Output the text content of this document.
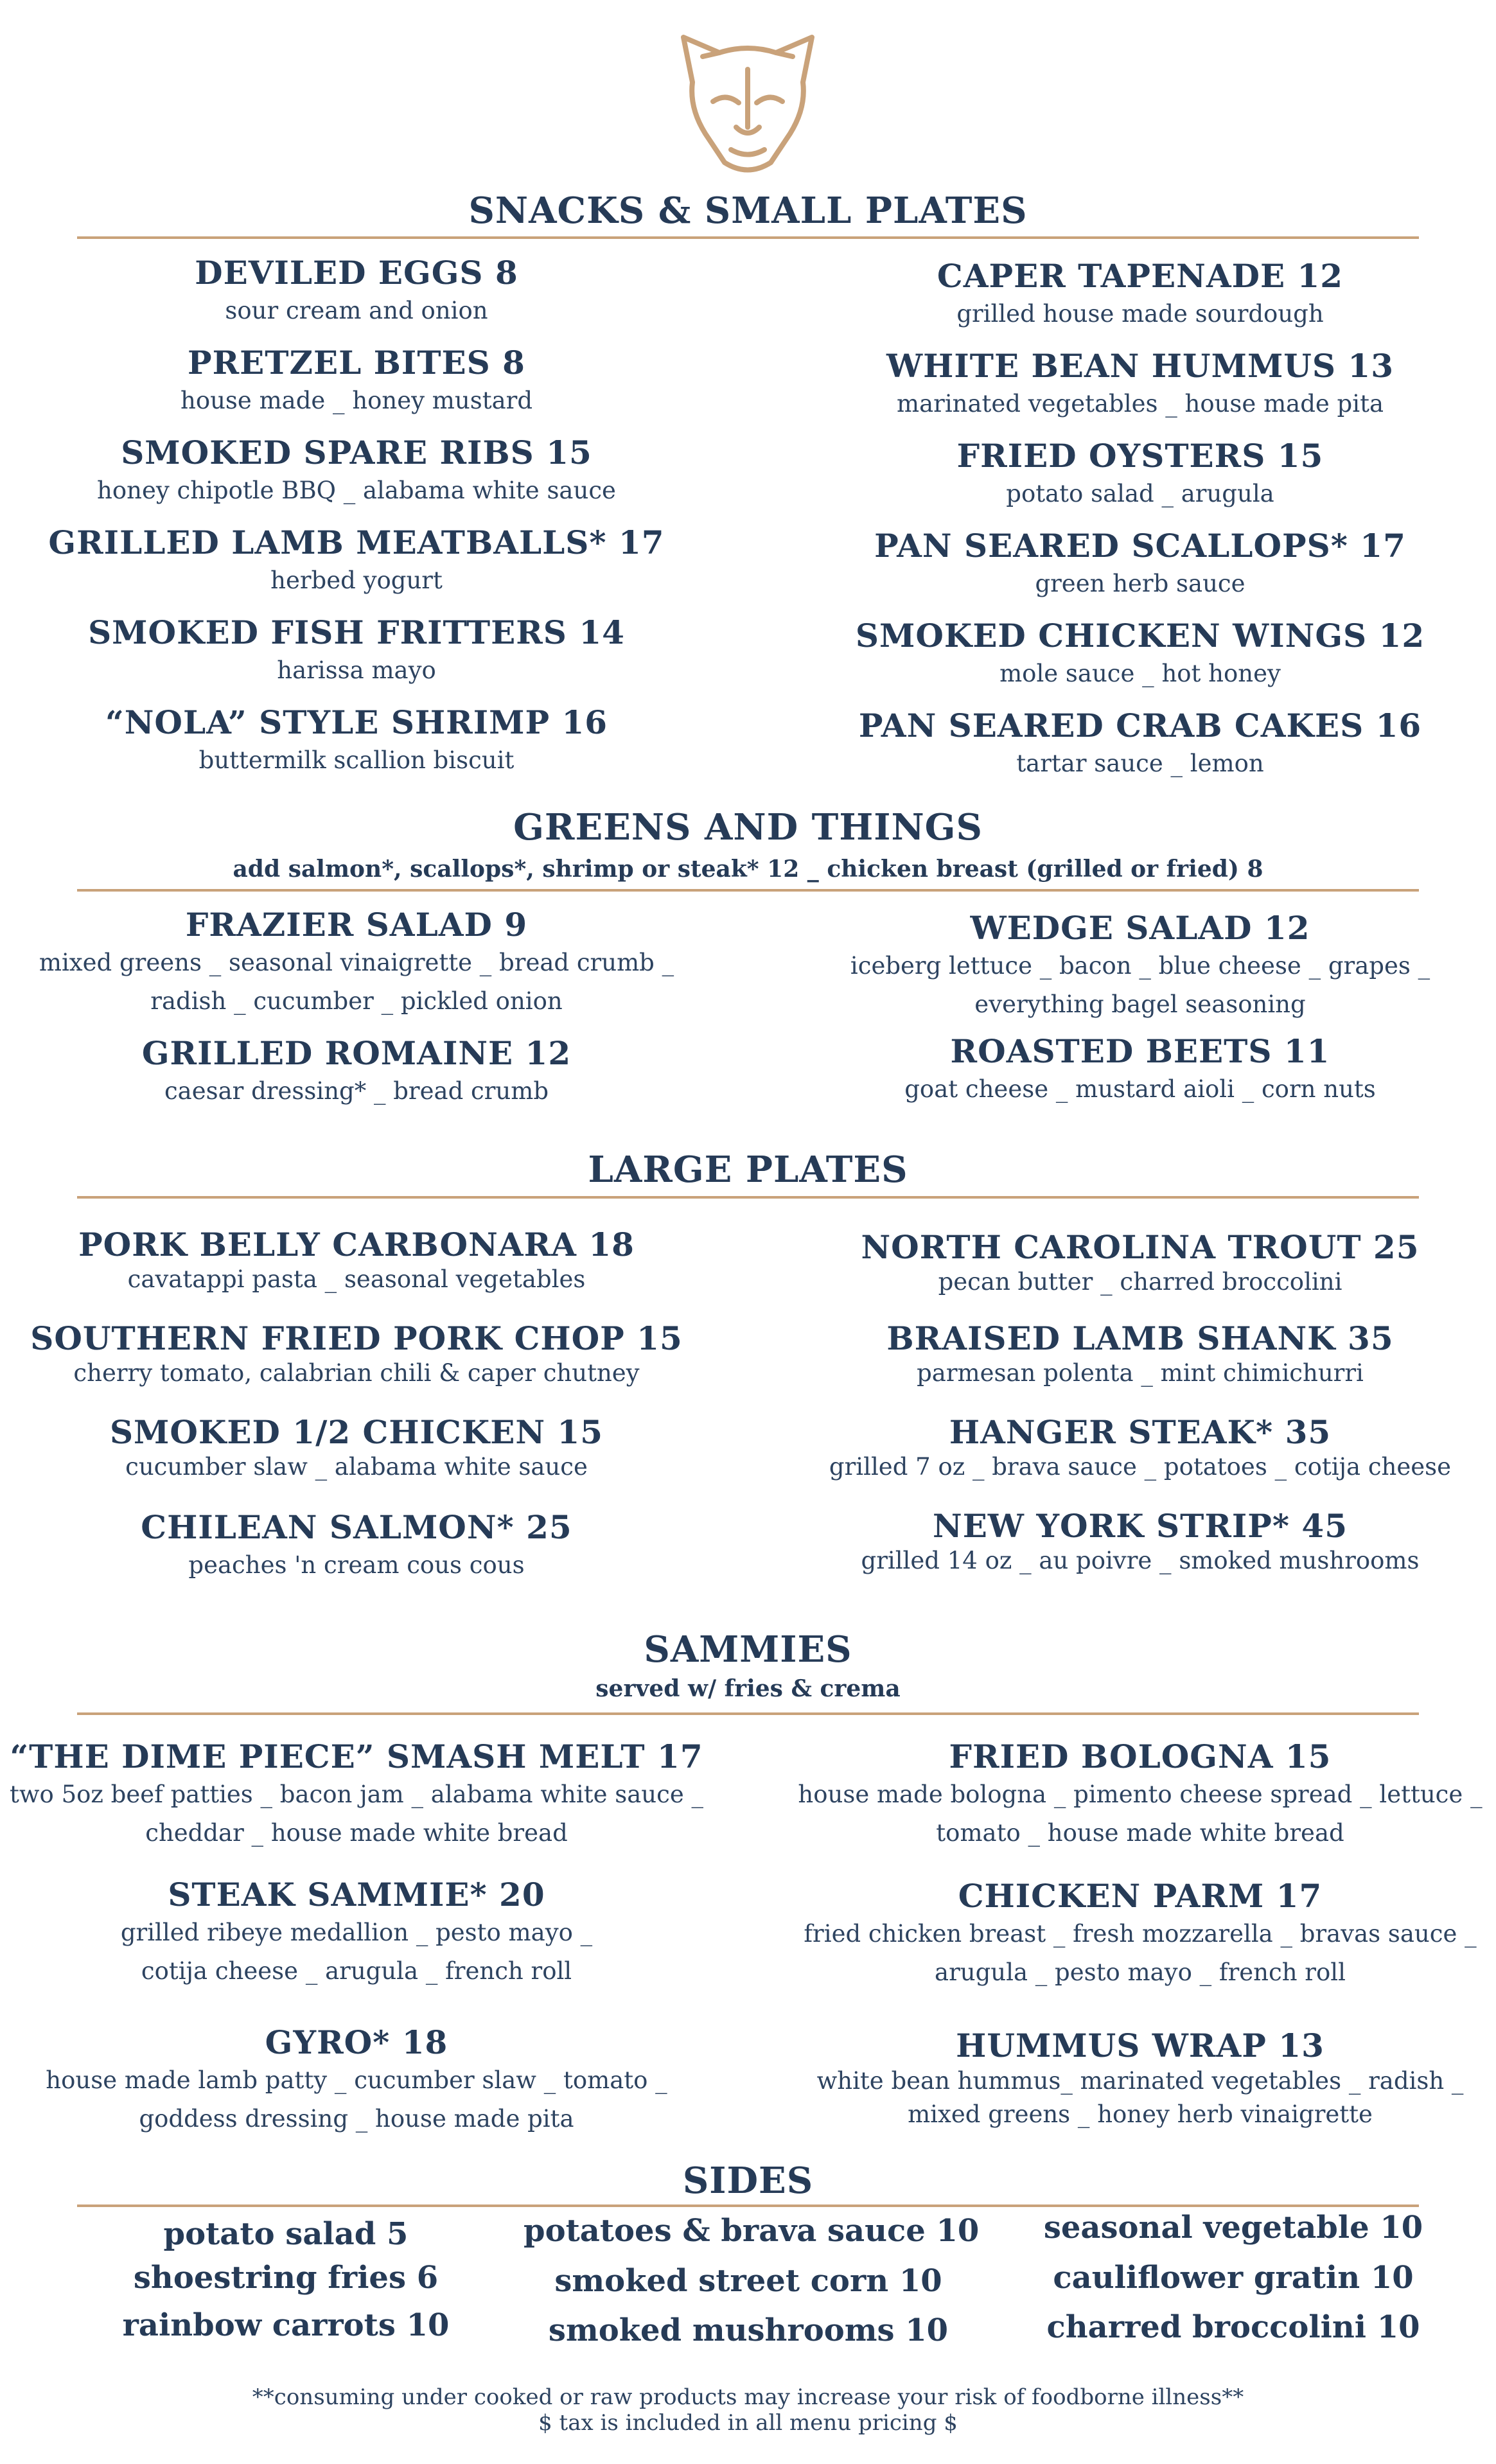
SNACKS & SMALL PLATES
DEVILED EGGS 8
sour cream and onion
PRETZEL BITES 8
house made _ honey mustard
SMOKED SPARE RIBS 15
honey chipotle BBQ _ alabama white sauce
GRILLED LAMB MEATBALLS* 17
herbed yogurt
SMOKED FISH FRITTERS 14
harissa mayo
“NOLA” STYLE SHRIMP 16
buttermilk scallion biscuit
CAPER TAPENADE 12
grilled house made sourdough
WHITE BEAN HUMMUS 13
marinated vegetables _ house made pita
FRIED OYSTERS 15
potato salad _ arugula
PAN SEARED SCALLOPS* 17
green herb sauce
SMOKED CHICKEN WINGS 12
mole sauce _ hot honey
PAN SEARED CRAB CAKES 16
tartar sauce _ lemon
GREENS AND THINGS
add salmon*, scallops*, shrimp or steak* 12 _ chicken breast (grilled or fried) 8
FRAZIER SALAD 9
mixed greens _ seasonal vinaigrette _ bread crumb _
radish _ cucumber _ pickled onion
GRILLED ROMAINE 12
caesar dressing* _ bread crumb
WEDGE SALAD 12
iceberg lettuce _ bacon _ blue cheese _ grapes _
everything bagel seasoning
ROASTED BEETS 11
goat cheese _ mustard aioli _ corn nuts
LARGE PLATES
PORK BELLY CARBONARA 18
cavatappi pasta _ seasonal vegetables
SOUTHERN FRIED PORK CHOP 15
cherry tomato, calabrian chili & caper chutney
SMOKED 1/2 CHICKEN 15
cucumber slaw _ alabama white sauce
CHILEAN SALMON* 25
peaches 'n cream cous cous
NORTH CAROLINA TROUT 25
pecan butter _ charred broccolini
BRAISED LAMB SHANK 35
parmesan polenta _ mint chimichurri
HANGER STEAK* 35
grilled 7 oz _ brava sauce _ potatoes _ cotija cheese
NEW YORK STRIP* 45
grilled 14 oz _ au poivre _ smoked mushrooms
SAMMIES
served w/ fries & crema
“THE DIME PIECE” SMASH MELT 17
two 5oz beef patties _ bacon jam _ alabama white sauce _
cheddar _ house made white bread
STEAK SAMMIE* 20
grilled ribeye medallion _ pesto mayo _
cotija cheese _ arugula _ french roll
GYRO* 18
house made lamb patty _ cucumber slaw _ tomato _
goddess dressing _ house made pita
FRIED BOLOGNA 15
house made bologna _ pimento cheese spread _ lettuce _
tomato _ house made white bread
CHICKEN PARM 17
fried chicken breast _ fresh mozzarella _ bravas sauce _
arugula _ pesto mayo _ french roll
HUMMUS WRAP 13
white bean hummus_ marinated vegetables _ radish _
mixed greens _ honey herb vinaigrette
SIDES
potato salad 5
shoestring fries 6
rainbow carrots 10
potatoes & brava sauce 10
smoked street corn 10
smoked mushrooms 10
seasonal vegetable 10
cauliflower gratin 10
charred broccolini 10
**consuming under cooked or raw products may increase your risk of foodborne illness**
$ tax is included in all menu pricing $
